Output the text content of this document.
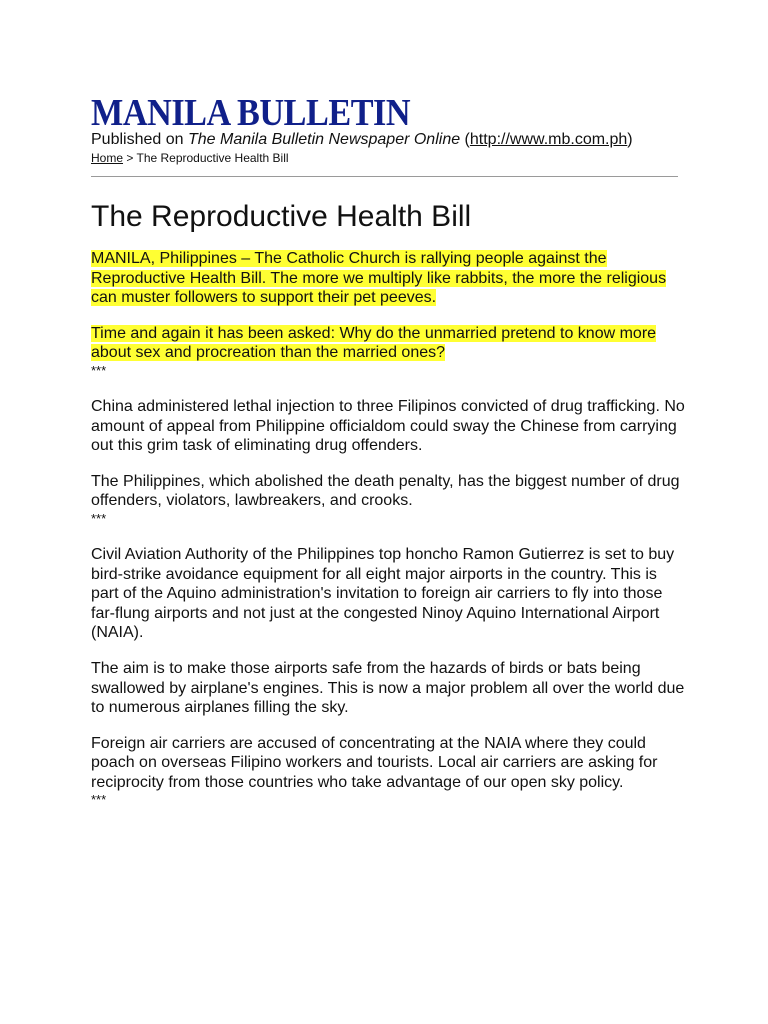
MANILA BULLETIN
Published on The Manila Bulletin Newspaper Online (http://www.mb.com.ph)
Home > The Reproductive Health Bill
The Reproductive Health Bill

MANILA, Philippines – The Catholic Church is rallying people against the Reproductive Health Bill. The more we multiply like rabbits, the more the religious can muster followers to support their pet peeves.

Time and again it has been asked: Why do the unmarried pretend to know more about sex and procreation than the married ones?

***

China administered lethal injection to three Filipinos convicted of drug trafficking. No amount of appeal from Philippine officialdom could sway the Chinese from carrying out this grim task of eliminating drug offenders.

The Philippines, which abolished the death penalty, has the biggest number of drug offenders, violators, lawbreakers, and crooks.

***

Civil Aviation Authority of the Philippines top honcho Ramon Gutierrez is set to buy bird-strike avoidance equipment for all eight major airports in the country. This is part of the Aquino administration's invitation to foreign air carriers to fly into those far-flung airports and not just at the congested Ninoy Aquino International Airport (NAIA).

The aim is to make those airports safe from the hazards of birds or bats being swallowed by airplane's engines. This is now a major problem all over the world due to numerous airplanes filling the sky.

Foreign air carriers are accused of concentrating at the NAIA where they could poach on overseas Filipino workers and tourists. Local air carriers are asking for reciprocity from those countries who take advantage of our open sky policy.

***
